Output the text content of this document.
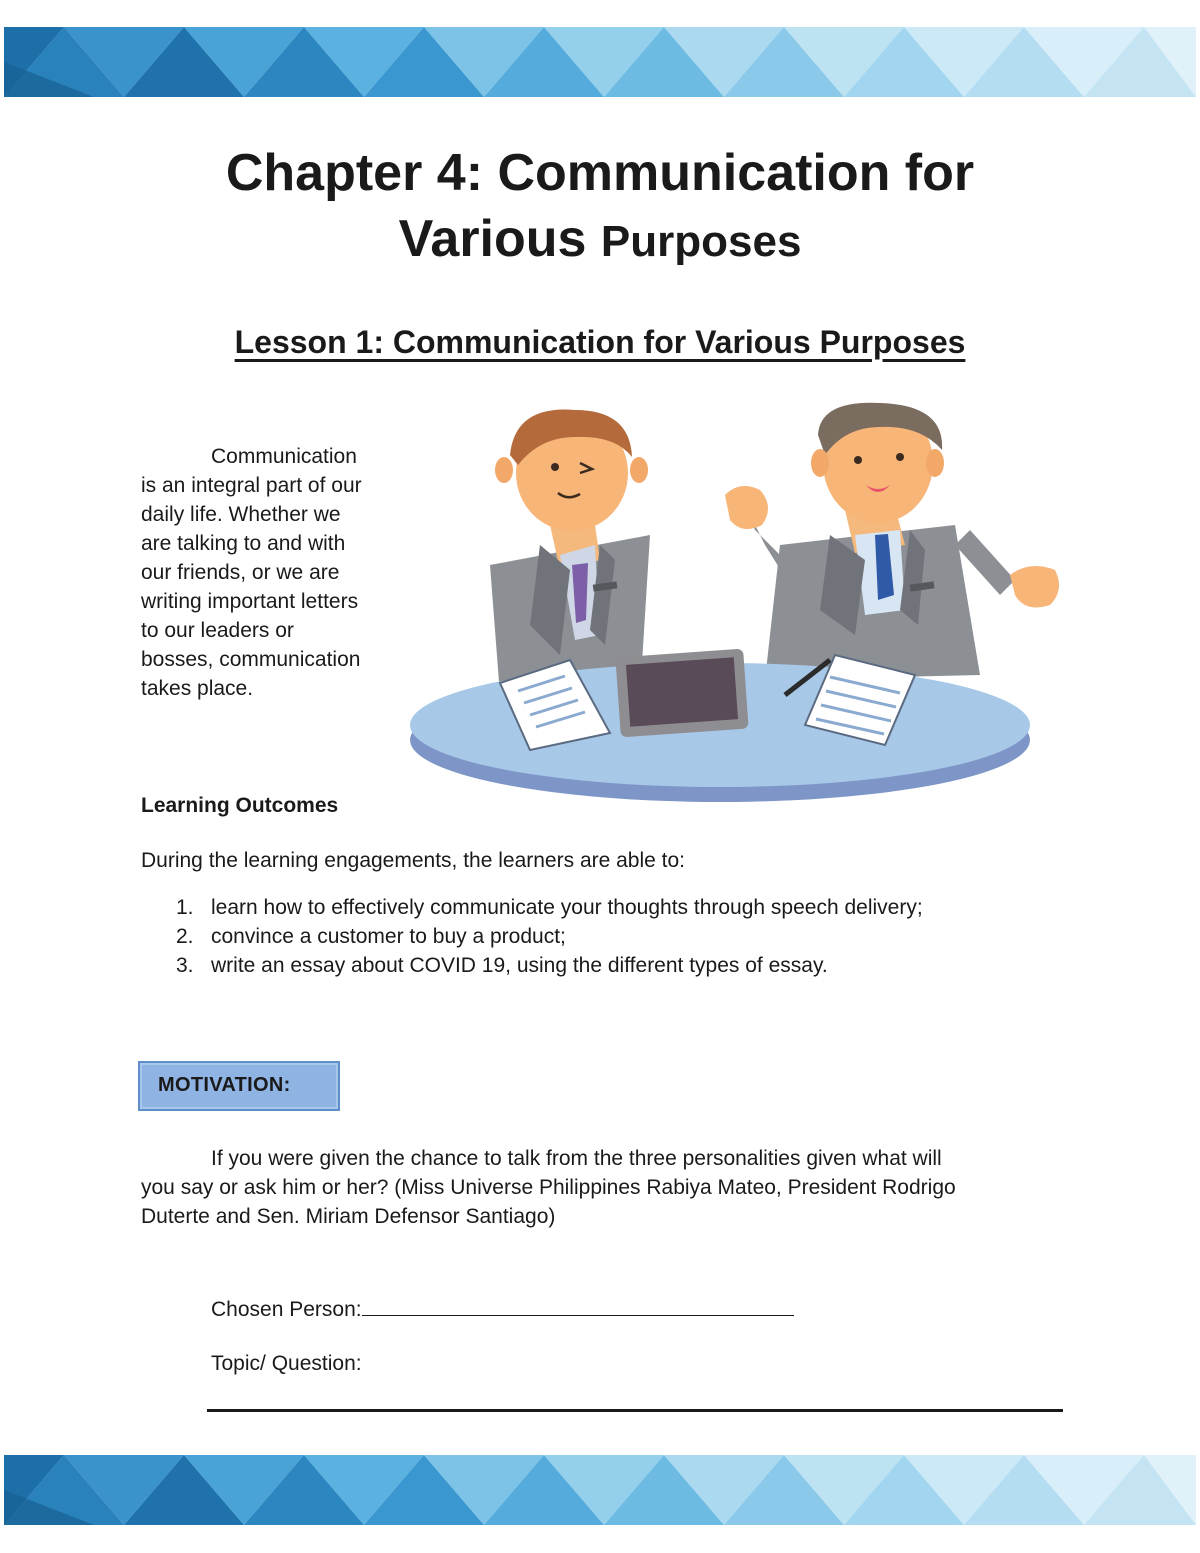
Chapter 4: Communication for
Various Purposes
Lesson 1: Communication for Various Purposes

Communication
is an integral part of our
daily life. Whether we
are talking to and with
our friends, or we are
writing important letters
to our leaders or
bosses, communication
takes place.

Learning Outcomes

During the learning engagements, the learners are able to:

1. learn how to effectively communicate your thoughts through speech delivery;
2. convince a customer to buy a product;
3. write an essay about COVID 19, using the different types of essay.
MOTIVATION:

If you were given the chance to talk from the three personalities given what will
you say or ask him or her? (Miss Universe Philippines Rabiya Mateo, President Rodrigo
Duterte and Sen. Miriam Defensor Santiago)

Chosen Person:
Topic/ Question:
